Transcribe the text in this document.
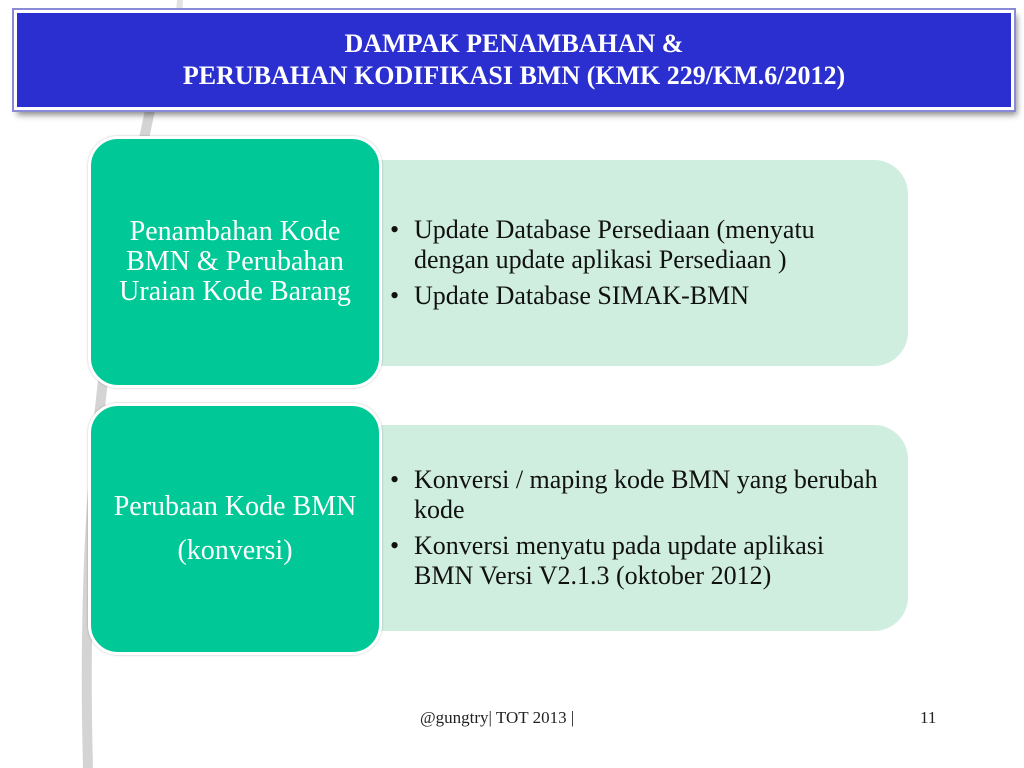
DAMPAK PENAMBAHAN &
PERUBAHAN KODIFIKASI BMN (KMK 229/KM.6/2012)
• Update Database Persediaan (menyatu dengan update aplikasi Persediaan )
• Update Database SIMAK-BMN
Penambahan Kode BMN & Perubahan Uraian Kode Barang
• Konversi / maping kode BMN yang berubah kode
• Konversi menyatu pada update aplikasi BMN Versi V2.1.3 (oktober 2012)
Perubaan Kode BMN
(konversi)
@gungtry| TOT 2013 |	11
